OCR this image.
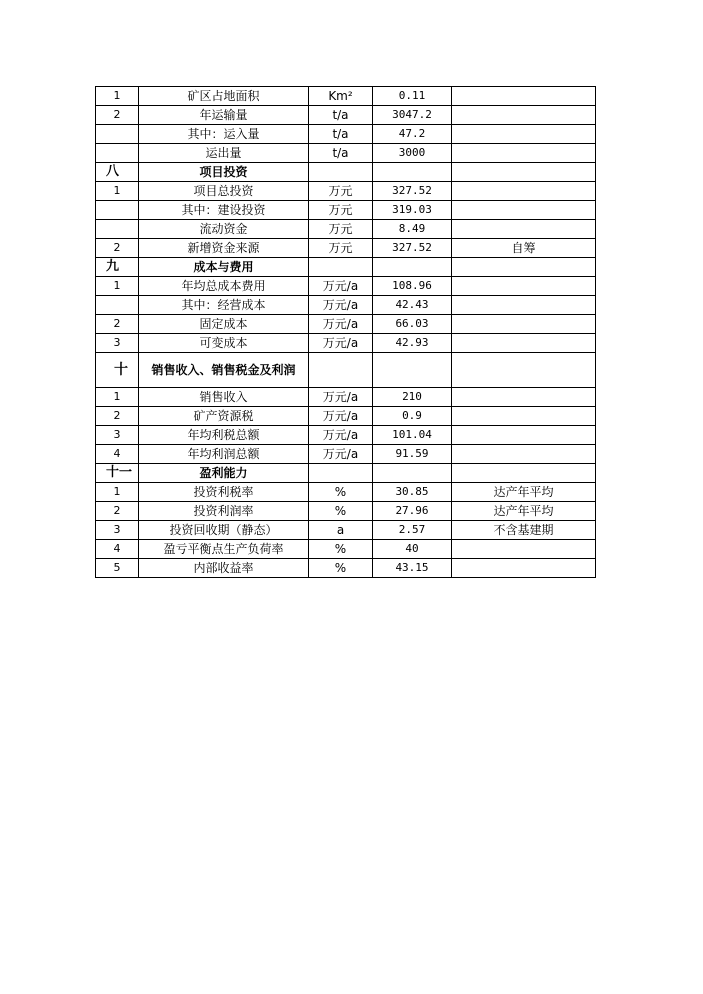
1	矿区占地面积	Km²	0.11	
2	年运输量	t/a	3047.2	
	其中：运入量	t/a	47.2	
	运出量	t/a	3000	
八	项目投资			
1	项目总投资	万元	327.52	
	其中：建设投资	万元	319.03	
	流动资金	万元	8.49	
2	新增资金来源	万元	327.52	自筹
九	成本与费用			
1	年均总成本费用	万元/a	108.96	
	其中：经营成本	万元/a	42.43	
2	固定成本	万元/a	66.03	
3	可变成本	万元/a	42.93	
十	销售收入、销售税金及利润			
1	销售收入	万元/a	210	
2	矿产资源税	万元/a	0.9	
3	年均利税总额	万元/a	101.04	
4	年均利润总额	万元/a	91.59	
十一	盈利能力			
1	投资利税率	%	30.85	达产年平均
2	投资利润率	%	27.96	达产年平均
3	投资回收期（静态）	a	2.57	不含基建期
4	盈亏平衡点生产负荷率	%	40	
5	内部收益率	%	43.15	
